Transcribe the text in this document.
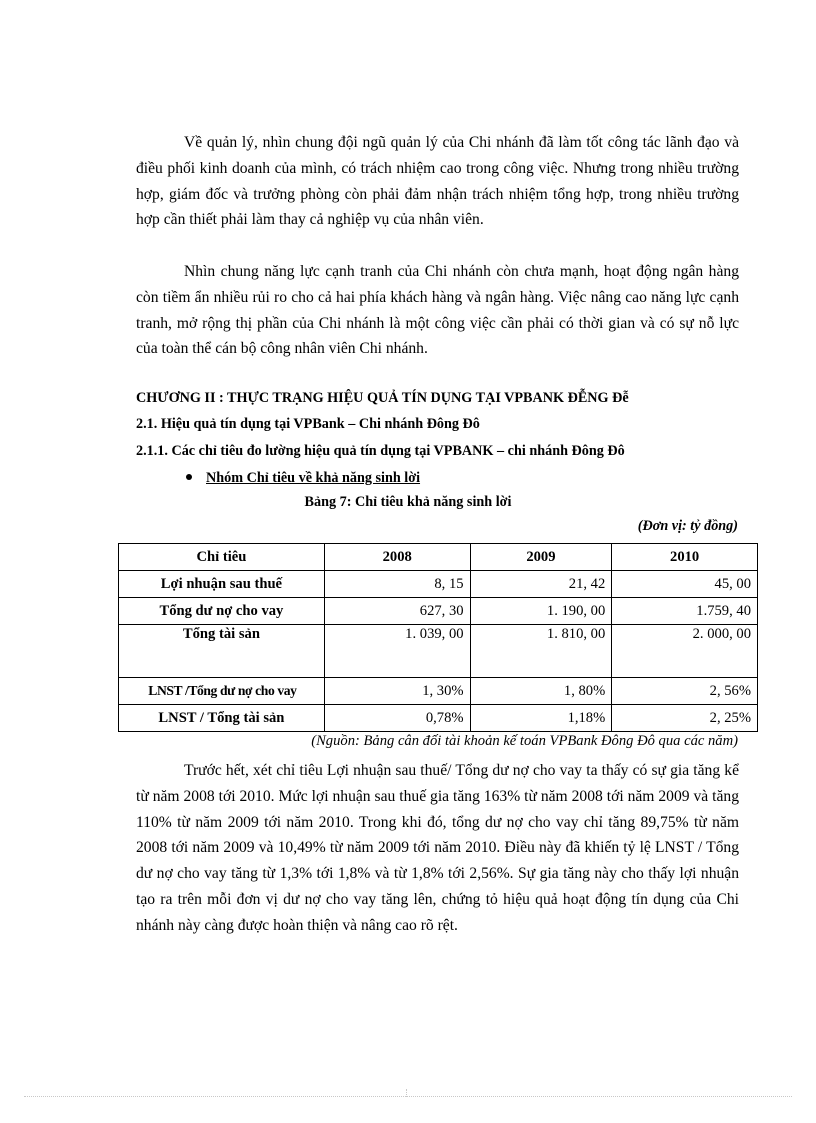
Về quản lý, nhìn chung đội ngũ quản lý của Chi nhánh đã làm tốt công tác lãnh đạo và điều phối kinh doanh của mình, có trách nhiệm cao trong công việc. Nhưng trong nhiều trường hợp, giám đốc và trưởng phòng còn phải đảm nhận trách nhiệm tổng hợp, trong nhiều trường hợp cần thiết phải làm thay cả nghiệp vụ của nhân viên.

Nhìn chung năng lực cạnh tranh của Chi nhánh còn chưa mạnh, hoạt động ngân hàng còn tiềm ẩn nhiều rủi ro cho cả hai phía khách hàng và ngân hàng. Việc nâng cao năng lực cạnh tranh, mở rộng thị phần của Chi nhánh là một công việc cần phải có thời gian và có sự nỗ lực của toàn thể cán bộ công nhân viên Chi nhánh.

CHƯƠNG II : THỰC TRẠNG HIỆU QUẢ TÍN DỤNG TẠI VPBANK ĐỄNG Đễ
2.1. Hiệu quả tín dụng tại VPBank – Chi nhánh Đông Đô
2.1.1. Các chỉ tiêu đo lường hiệu quả tín dụng tại VPBANK – chi nhánh Đông Đô
Nhóm Chỉ tiêu về khả năng sinh lời
Bảng 7: Chỉ tiêu khả năng sinh lời
(Đơn vị: tỷ đồng)
Chỉ tiêu	2008	2009	2010
Lợi nhuận sau thuế	8, 15	21, 42	45, 00
Tổng dư nợ cho vay	627, 30	1. 190, 00	1.759, 40
Tổng tài sản	1. 039, 00	1. 810, 00	2. 000, 00
LNST /Tổng dư nợ cho vay	1, 30%	1, 80%	2, 56%
LNST / Tổng tài sản	0,78%	1,18%	2, 25%
(Nguồn: Bảng cân đối tài khoản kế toán VPBank Đông Đô qua các năm)

Trước hết, xét chỉ tiêu Lợi nhuận sau thuế/ Tổng dư nợ cho vay ta thấy có sự gia tăng kể từ năm 2008 tới 2010. Mức lợi nhuận sau thuế gia tăng 163% từ năm 2008 tới năm 2009 và tăng 110% từ năm 2009 tới năm 2010. Trong khi đó, tổng dư nợ cho vay chỉ tăng 89,75% từ năm 2008 tới năm 2009 và 10,49% từ năm 2009 tới năm 2010. Điều này đã khiến tỷ lệ LNST / Tổng dư nợ cho vay tăng từ 1,3% tới 1,8% và từ 1,8% tới 2,56%. Sự gia tăng này cho thấy lợi nhuận tạo ra trên mỗi đơn vị dư nợ cho vay tăng lên, chứng tỏ hiệu quả hoạt động tín dụng của Chi nhánh này càng được hoàn thiện và nâng cao rõ rệt.
